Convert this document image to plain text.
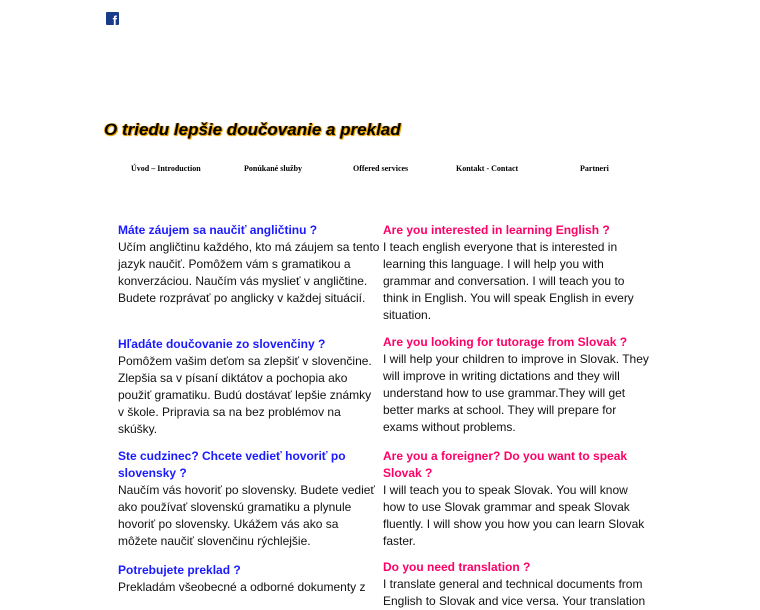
f
O triedu lepšie doučovanie a preklad
Úvod – Introduction	Ponúkané služby	Offered services	Kontakt - Contact	Partneri

Máte záujem sa naučiť angličtinu ?

Učím angličtinu každého, kto má záujem sa tento jazyk naučiť. Pomôžem vám s gramatikou a konverzáciou. Naučím vás myslieť v angličtine. Budete rozprávať po anglicky v každej situácií.

Hľadáte doučovanie zo slovenčiny ?

Pomôžem vašim deťom sa zlepšiť v slovenčine. Zlepšia sa v písaní diktátov a pochopia ako použiť gramatiku. Budú dostávať lepšie známky v škole. Pripravia sa na bez problémov na skúšky.

Ste cudzinec? Chcete vedieť hovoriť po slovensky ?

Naučím vás hovoriť po slovensky. Budete vedieť ako používať slovenskú gramatiku a plynule hovoriť po slovensky. Ukážem vás ako sa môžete naučiť slovenčinu rýchlejšie.

Potrebujete preklad ?

Prekladám všeobecné a odborné dokumenty z

Are you interested in learning English ?

I teach english everyone that is interested in learning this language. I will help you with grammar and conversation. I will teach you to think in English. You will speak English in every situation.

Are you looking for tutorage from Slovak ?

I will help your children to improve in Slovak. They will improve in writing dictations and they will understand how to use grammar.They will get better marks at school. They will prepare for exams without problems.

Are you a foreigner? Do you want to speak Slovak ?

I will teach you to speak Slovak. You will know how to use Slovak grammar and speak Slovak fluently. I will show you how you can learn Slovak faster.

Do you need translation ?

I translate general and technical documents from English to Slovak and vice versa. Your translation
